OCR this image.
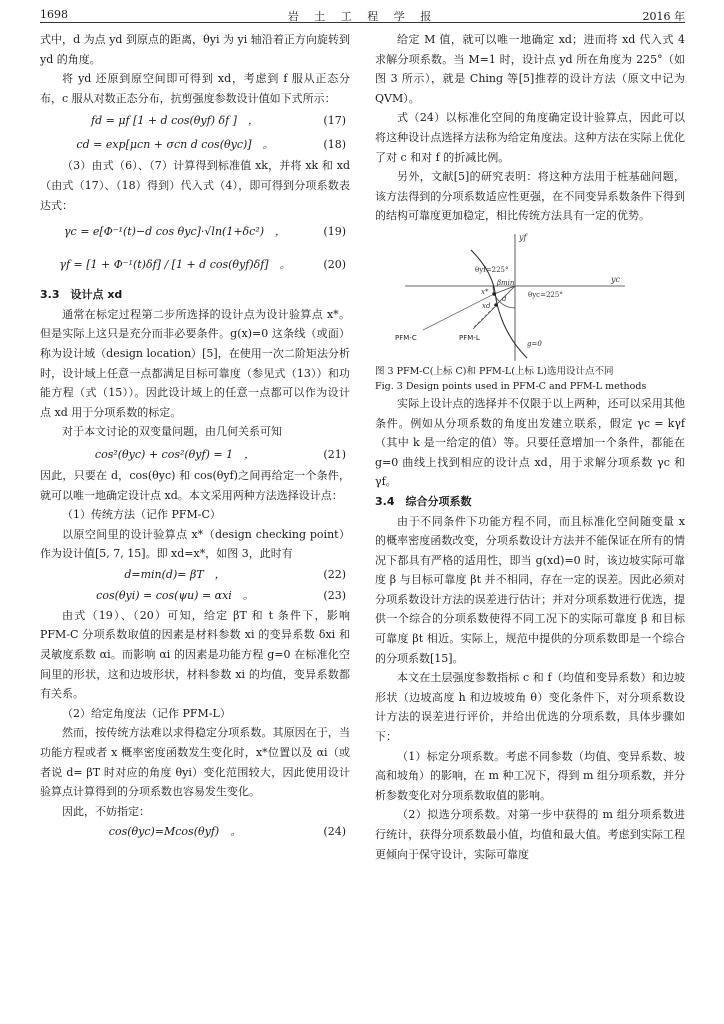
1698	岩 土 工 程 学 报	2016 年

式中，d 为点 yd 到原点的距离，θyi 为 yi 轴沿着正方向旋转到 yd 的角度。

将 yd 还原到原空间即可得到 xd，考虑到 f 服从正态分布，c 服从对数正态分布，抗剪强度参数设计值如下式所示：

fd = μf [1 + d cos(θyf) δf ]　，	(17)
cd = exp[μcn + σcn d cos(θyc)]　。	(18)

（3）由式（6）、（7）计算得到标准值 xk，并将 xk 和 xd（由式（17）、（18）得到）代入式（4），即可得到分项系数表达式：

γc = e[Φ⁻¹(t)−d cos θyc]·√ln(1+δc²)　，	(19)
γf = [1 + Φ⁻¹(t)δf] / [1 + d cos(θyf)δf]　。	(20)

3.3　设计点 xd

通常在标定过程第二步所选择的设计点为设计验算点 x*。但是实际上这只是充分而非必要条件。g(x)=0 这条线（或面）称为设计域（design location）[5]，在使用一次二阶矩法分析时，设计域上任意一点都满足目标可靠度（参见式（13））和功能方程（式（15））。因此设计域上的任意一点都可以作为设计点 xd 用于分项系数的标定。

对于本文讨论的双变量问题，由几何关系可知

cos²(θyc) + cos²(θyf) = 1　，	(21)

因此，只要在 d，cos(θyc) 和 cos(θyf)之间再给定一个条件，就可以唯一地确定设计点 xd。本文采用两种方法选择设计点：

（1）传统方法（记作 PFM-C）

以原空间里的设计验算点 x*（design checking point）作为设计值[5, 7, 15]。即 xd=x*，如图 3，此时有

d=min(d)= βT　，	(22)
cos(θyi) = cos(ψu) = αxi　。	(23)

由式（19）、（20）可知，给定 βT 和 t 条件下，影响 PFM-C 分项系数取值的因素是材料参数 xi 的变异系数 δxi 和灵敏度系数 αi。而影响 αi 的因素是功能方程 g=0 在标准化空间里的形状，这和边坡形状，材料参数 xi 的均值，变异系数都有关系。

（2）给定角度法（记作 PFM-L）

然而，按传统方法难以求得稳定分项系数。其原因在于，当功能方程或者 x 概率密度函数发生变化时，x*位置以及 αi（或者说 d= βT 时对应的角度 θyi）变化范围较大，因此使用设计验算点计算得到的分项系数也容易发生变化。

因此，不妨指定：

cos(θyc)=Mcos(θyf)　。	(24)

给定 M 值，就可以唯一地确定 xd；进而将 xd 代入式 4 求解分项系数。当 M=1 时，设计点 yd 所在角度为 225°（如图 3 所示），就是 Ching 等[5]推荐的设计方法（原文中记为 QVM）。

式（24）以标准化空间的角度确定设计验算点，因此可以将这种设计点选择方法称为给定角度法。这种方法在实际上优化了对 c 和对 f 的折减比例。

另外，文献[5]的研究表明：将这种方法用于桩基础问题，该方法得到的分项系数适应性更强，在不同变异系数条件下得到的结构可靠度更加稳定，相比传统方法具有一定的优势。

yc
yf
θyf=225°
θyc=225°
βmin
d
x*
xd
PFM-C	PFM-L
g=0

图 3 PFM-C(上标 C)和 PFM-L(上标 L)选用设计点不同

Fig. 3 Design points used in PFM-C and PFM-L methods

实际上设计点的选择并不仅限于以上两种，还可以采用其他条件。例如从分项系数的角度出发建立联系，假定 γc = kγf（其中 k 是一给定的值）等。只要任意增加一个条件，都能在 g=0 曲线上找到相应的设计点 xd，用于求解分项系数 γc 和 γf。

3.4　综合分项系数

由于不同条件下功能方程不同，而且标准化空间随变量 x 的概率密度函数改变，分项系数设计方法并不能保证在所有的情况下都具有严格的适用性，即当 g(xd)=0 时，该边坡实际可靠度 β 与目标可靠度 βt 并不相同，存在一定的误差。因此必须对分项系数设计方法的误差进行估计；并对分项系数进行优选，提供一个综合的分项系数使得不同工况下的实际可靠度 β 和目标可靠度 βt 相近。实际上，规范中提供的分项系数即是一个综合的分项系数[15]。

本文在土层强度参数指标 c 和 f（均值和变异系数）和边坡形状（边坡高度 h 和边坡坡角 θ）变化条件下，对分项系数设计方法的误差进行评价，并给出优选的分项系数，具体步骤如下：

（1）标定分项系数。考虑不同参数（均值、变异系数、坡高和坡角）的影响，在 m 种工况下，得到 m 组分项系数，并分析参数变化对分项系数取值的影响。

（2）拟选分项系数。对第一步中获得的 m 组分项系数进行统计，获得分项系数最小值，均值和最大值。考虑到实际工程更倾向于保守设计，实际可靠度
